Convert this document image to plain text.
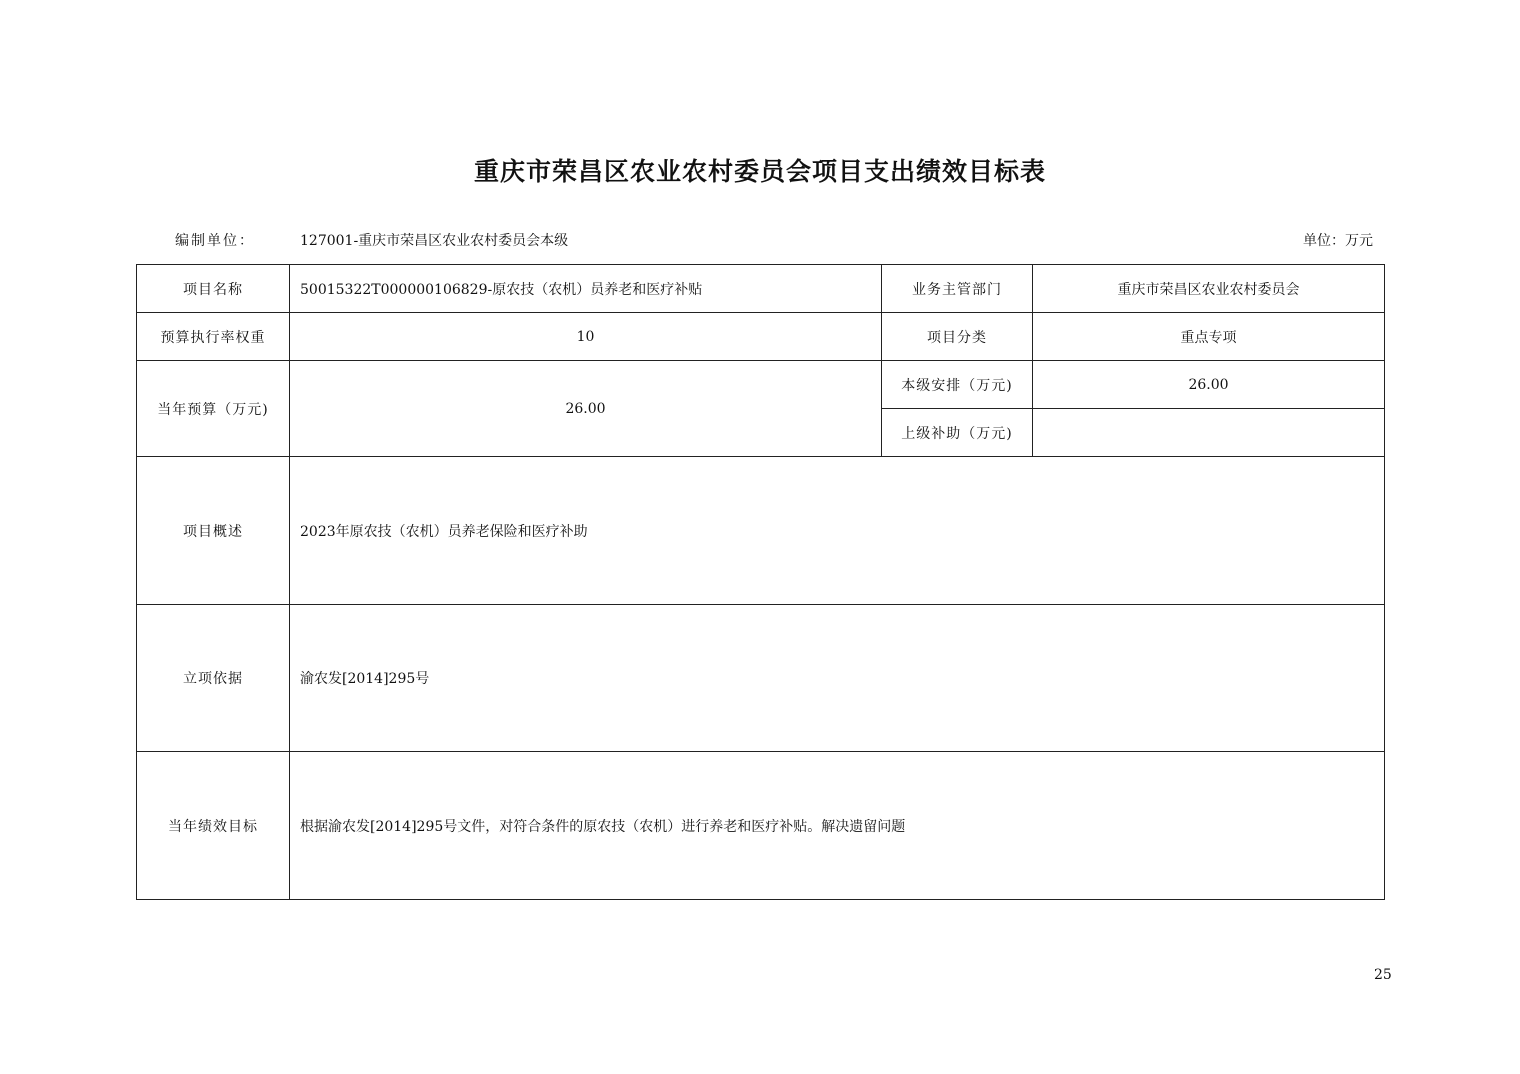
重庆市荣昌区农业农村委员会项目支出绩效目标表
编制单位：	127001-重庆市荣昌区农业农村委员会本级	单位：万元
项目名称	50015322T000000106829-原农技（农机）员养老和医疗补贴	业务主管部门	重庆市荣昌区农业农村委员会
预算执行率权重	10	项目分类	重点专项
当年预算（万元)	26.00	本级安排（万元)	26.00
		上级补助（万元)	
项目概述	2023年原农技（农机）员养老保险和医疗补助		
立项依据	渝农发[2014]295号		
当年绩效目标	根据渝农发[2014]295号文件，对符合条件的原农技（农机）进行养老和医疗补贴。解决遗留问题		
25
